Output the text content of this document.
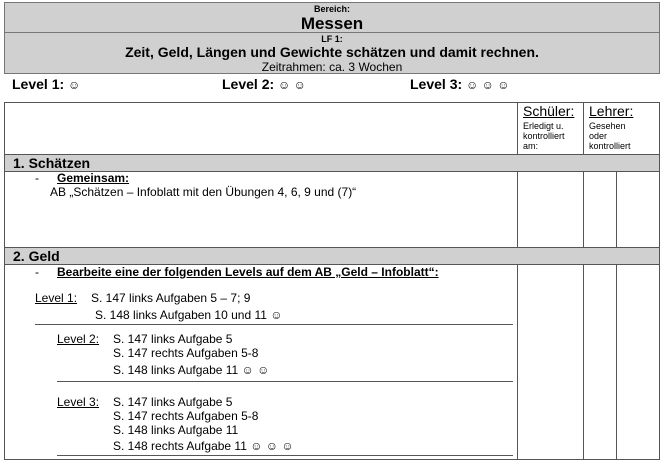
Bereich:
Messen
LF 1:
Zeit, Geld, Längen und Gewichte schätzen und damit rechnen.
Zeitrahmen: ca. 3 Wochen
Level 1: ☺	Level 2: ☺ ☺	Level 3: ☺ ☺ ☺
Schüler:
Erledigt u.
kontrolliert
am:
Lehrer:
Gesehen
oder
kontrolliert
1. Schätzen
- Gemeinsam:
AB „Schätzen – Infoblatt mit den Übungen 4, 6, 9 und (7)“
2. Geld
- Bearbeite eine der folgenden Levels auf dem AB „Geld – Infoblatt“:
Level 1: S. 147 links Aufgaben 5 – 7; 9
S. 148 links Aufgaben 10 und 11 ☺
Level 2: S. 147 links Aufgabe 5
S. 147 rechts Aufgaben 5-8
S. 148 links Aufgabe 11 ☺ ☺
Level 3: S. 147 links Aufgabe 5
S. 147 rechts Aufgaben 5-8
S. 148 links Aufgabe 11
S. 148 rechts Aufgabe 11 ☺ ☺ ☺
